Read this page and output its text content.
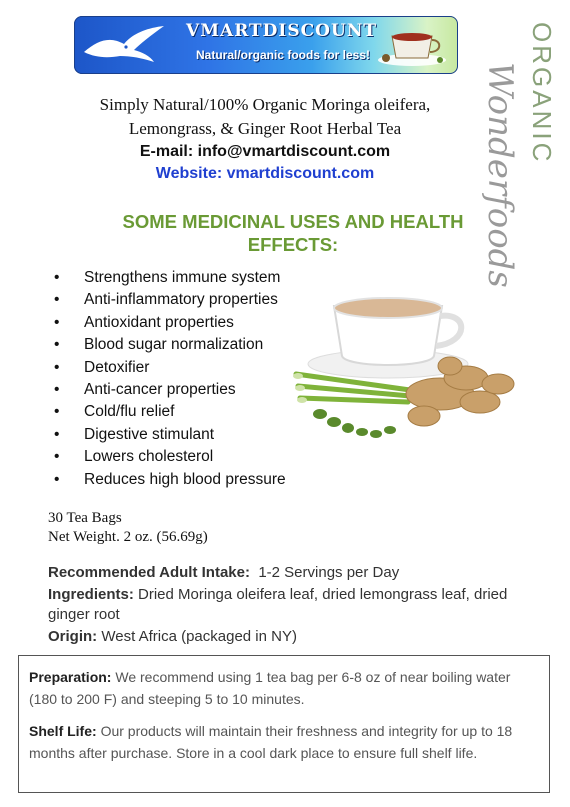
VMARTDISCOUNT
Natural/organic foods for less!	ORGANIC
Wonderfoods
Simply Natural/100% Organic Moringa oleifera,
Lemongrass, & Ginger Root Herbal Tea
E-mail: info@vmartdiscount.com
Website: vmartdiscount.com
SOME MEDICINAL USES AND HEALTH EFFECTS:
• Strengthens immune system
• Anti-inflammatory properties
• Antioxidant properties
• Blood sugar normalization
• Detoxifier
• Anti-cancer properties
• Cold/flu relief
• Digestive stimulant
• Lowers cholesterol
• Reduces high blood pressure
30 Tea Bags
Net Weight. 2 oz. (56.69g)
Recommended Adult Intake: 1-2 Servings per Day
Ingredients: Dried Moringa oleifera leaf, dried lemongrass leaf, dried ginger root
Origin: West Africa (packaged in NY)

Preparation: We recommend using 1 tea bag per 6-8 oz of near boiling water (180 to 200 F) and steeping 5 to 10 minutes.

Shelf Life: Our products will maintain their freshness and integrity for up to 18 months after purchase. Store in a cool dark place to ensure full shelf life.
